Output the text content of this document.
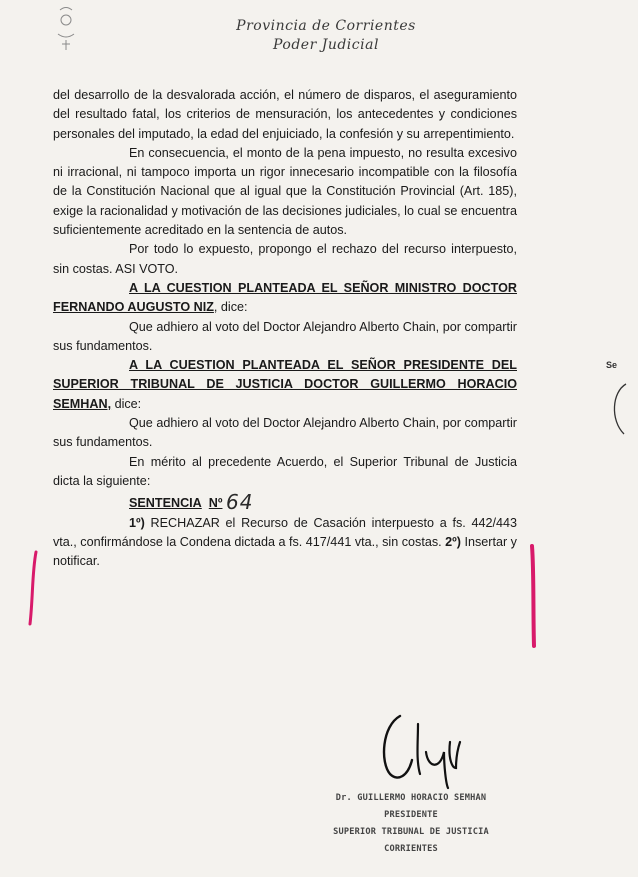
Provincia de Corrientes
Poder Judicial

del desarrollo de la desvalorada acción, el número de disparos, el aseguramiento del resultado fatal, los criterios de mensuración, los antecedentes y condiciones personales del imputado, la edad del enjuiciado, la confesión y su arrepentimiento.

En consecuencia, el monto de la pena impuesto, no resulta excesivo ni irracional, ni tampoco importa un rigor innecesario incompatible con la filosofía de la Constitución Nacional que al igual que la Constitución Provincial (Art. 185), exige la racionalidad y motivación de las decisiones judiciales, lo cual se encuentra suficientemente acreditado en la sentencia de autos.

Por todo lo expuesto, propongo el rechazo del recurso interpuesto, sin costas. ASI VOTO.

A LA CUESTION PLANTEADA EL SEÑOR MINISTRO DOCTOR FERNANDO AUGUSTO NIZ, dice:

Que adhiero al voto del Doctor Alejandro Alberto Chain, por compartir sus fundamentos.

A LA CUESTION PLANTEADA EL SEÑOR PRESIDENTE DEL SUPERIOR TRIBUNAL DE JUSTICIA DOCTOR GUILLERMO HORACIO SEMHAN, dice:

Que adhiero al voto del Doctor Alejandro Alberto Chain, por compartir sus fundamentos.

En mérito al precedente Acuerdo, el Superior Tribunal de Justicia dicta la siguiente:

SENTENCIA Nº 64

1º) RECHAZAR el Recurso de Casación interpuesto a fs. 442/443 vta., confirmándose la Condena dictada a fs. 417/441 vta., sin costas. 2º) Insertar y notificar.

Se
Dr. GUILLERMO HORACIO SEMHAN
PRESIDENTE
SUPERIOR TRIBUNAL DE JUSTICIA
CORRIENTES
